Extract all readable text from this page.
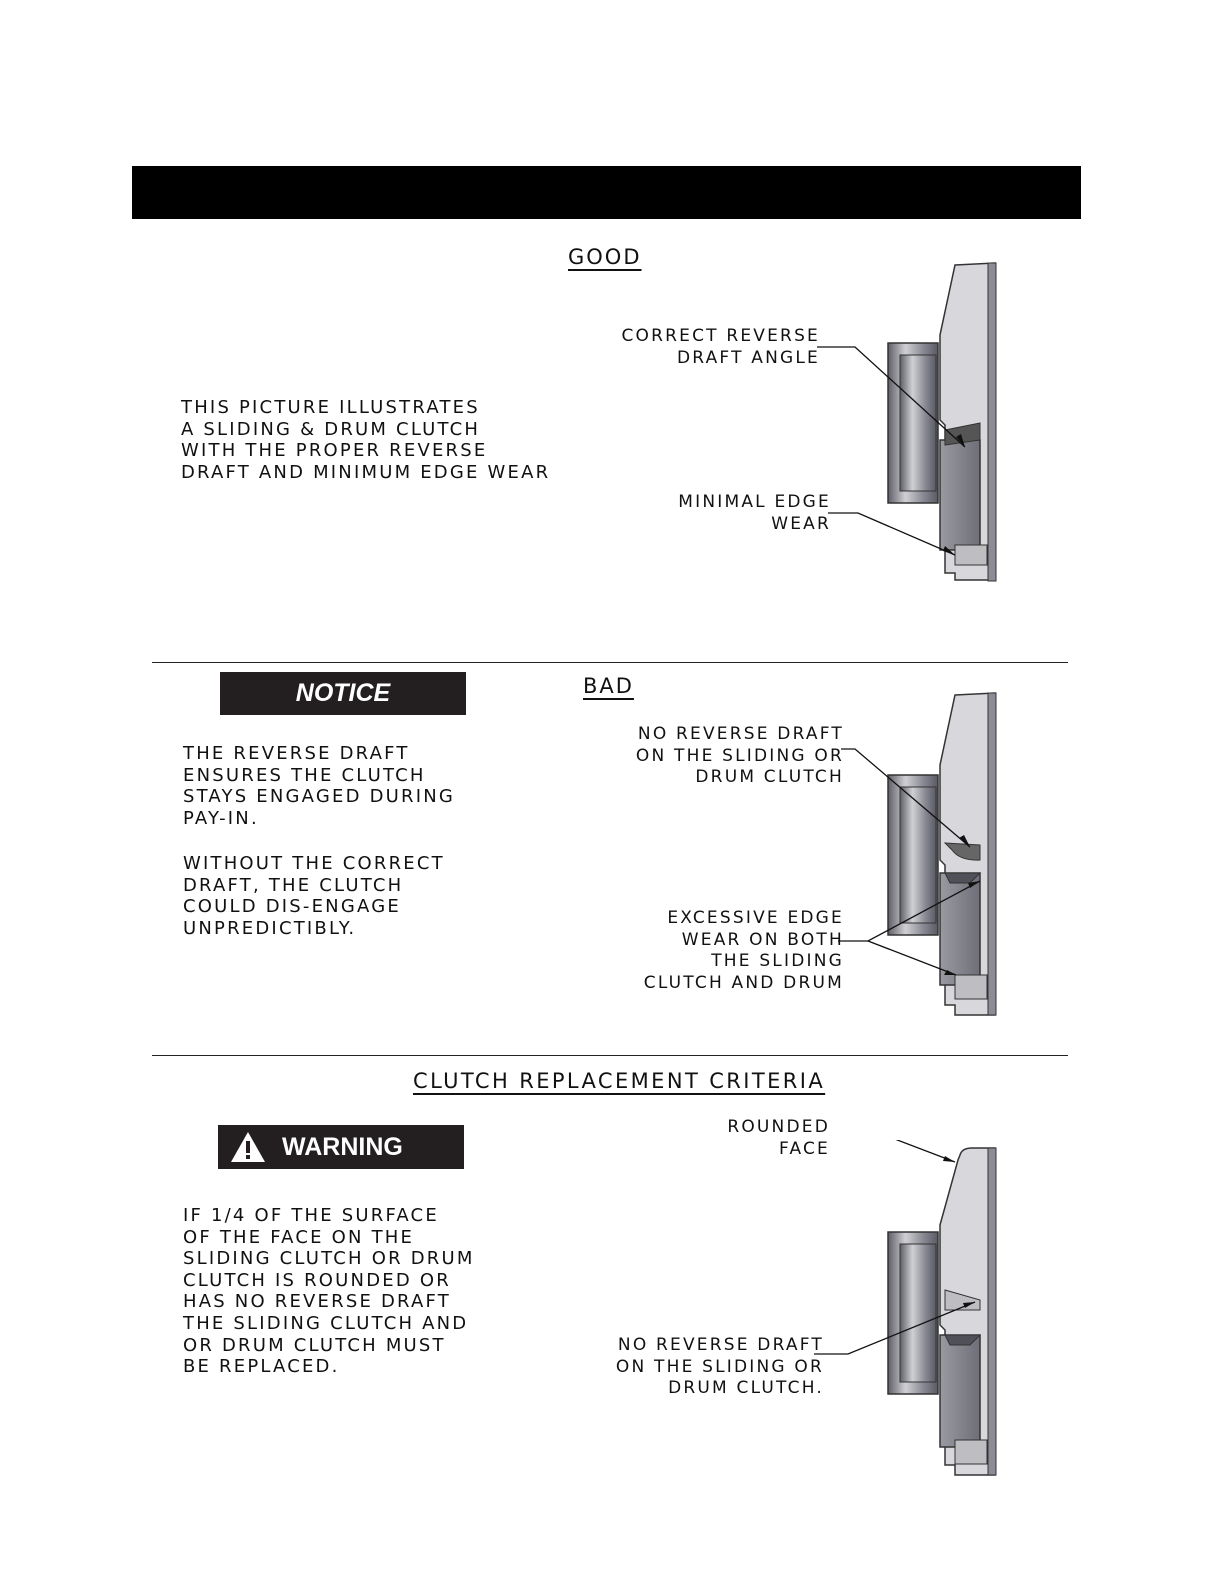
GOOD
THIS PICTURE ILLUSTRATES
A SLIDING & DRUM CLUTCH
WITH THE PROPER REVERSE
DRAFT AND MINIMUM EDGE WEAR
CORRECT REVERSE
DRAFT ANGLE
MINIMAL EDGE
WEAR
NOTICE	BAD
THE REVERSE DRAFT
ENSURES THE CLUTCH
STAYS ENGAGED DURING
PAY-IN.
WITHOUT THE CORRECT
DRAFT, THE CLUTCH
COULD DIS-ENGAGE
UNPREDICTIBLY.
NO REVERSE DRAFT
ON THE SLIDING OR
DRUM CLUTCH
EXCESSIVE EDGE
WEAR ON BOTH
THE SLIDING
CLUTCH AND DRUM
CLUTCH REPLACEMENT CRITERIA
WARNING
IF 1/4 OF THE SURFACE
OF THE FACE ON THE
SLIDING CLUTCH OR DRUM
CLUTCH IS ROUNDED OR
HAS NO REVERSE DRAFT
THE SLIDING CLUTCH AND
OR DRUM CLUTCH MUST
BE REPLACED.
ROUNDED
FACE
NO REVERSE DRAFT
ON THE SLIDING OR
DRUM CLUTCH.
